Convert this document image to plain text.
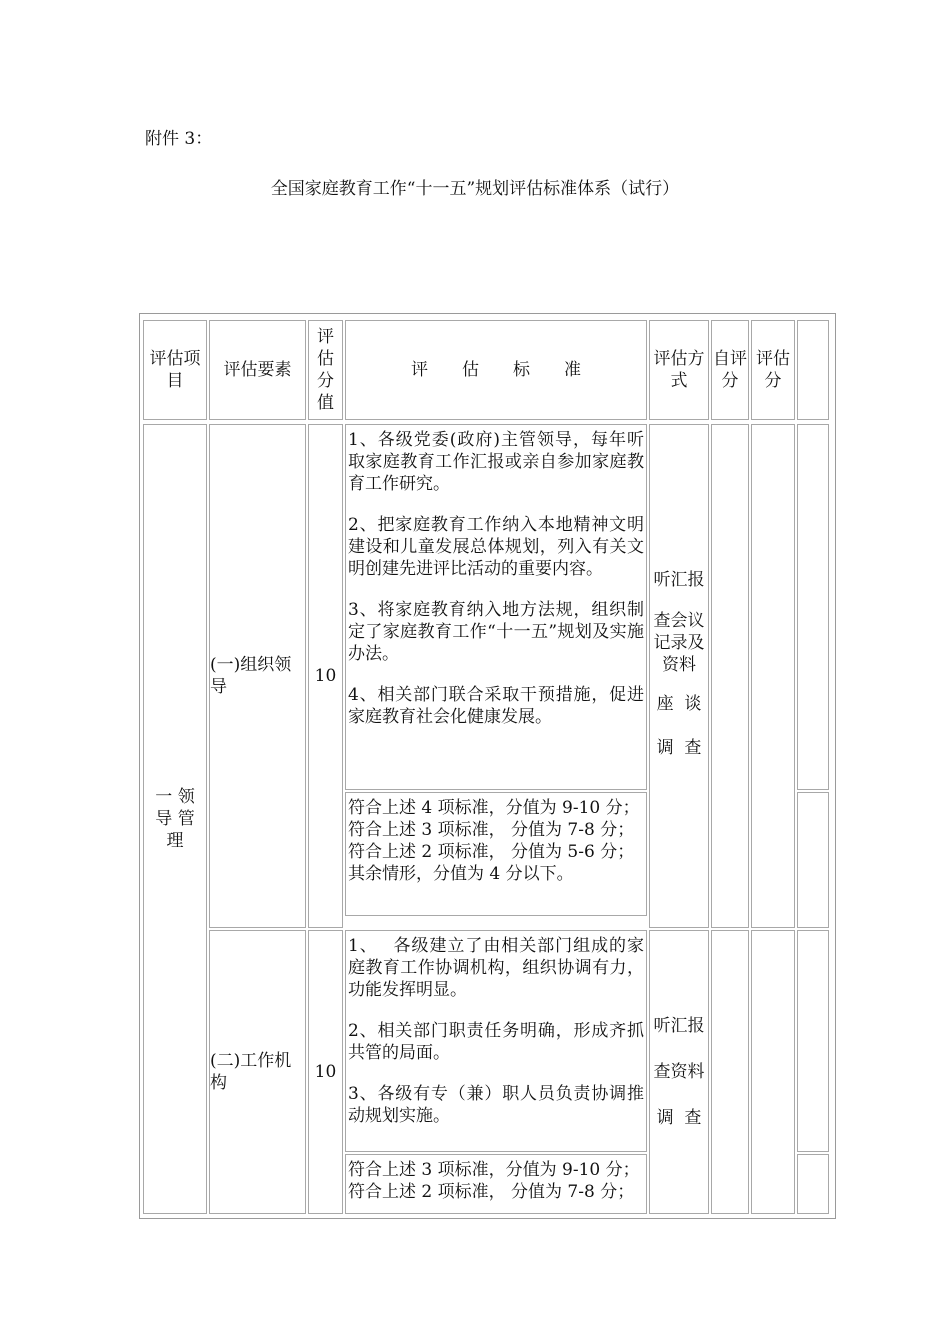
附件 3：
全国家庭教育工作“十一五”规划评估标准体系（试行）
评估项目
评估要素
评估分值
评　　估　　标　　准
评估方式
自评分
评估分
一 领导 管 理
(一)组织领导
10

1、各级党委(政府)主管领导，每年听取家庭教育工作汇报或亲自参加家庭教育工作研究。

2、把家庭教育工作纳入本地精神文明建设和儿童发展总体规划，列入有关文明创建先进评比活动的重要内容。

3、将家庭教育纳入地方法规，组织制定了家庭教育工作“十一五”规划及实施办法。

4、相关部门联合采取干预措施，促进家庭教育社会化健康发展。

符合上述 4 项标准，分值为 9-10 分；

符合上述 3 项标准， 分值为 7-8 分；

符合上述 2 项标准， 分值为 5-6 分；

其余情形，分值为 4 分以下。

听汇报
查会议记录及资料
座  谈
调  查
(二)工作机构
10

1、　 各级建立了由相关部门组成的家庭教育工作协调机构，组织协调有力，功能发挥明显。

2、相关部门职责任务明确，形成齐抓共管的局面。

3、各级有专（兼）职人员负责协调推动规划实施。

符合上述 3 项标准，分值为 9-10 分；

符合上述 2 项标准， 分值为 7-8 分；

听汇报
查资料
调  查
